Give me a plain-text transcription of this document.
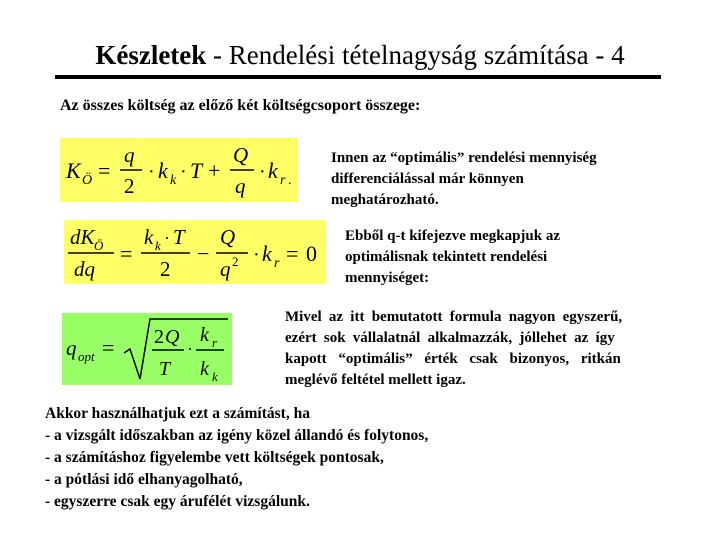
Készletek - Rendelési tételnagyság számítása - 4
Az összes költség az előző két költségcsoport összege:
K Ö =
q
2
· k k · T +
Q
q
· k r .
dK Ö
dq
=
k k · T
2
−
Q
q 2 · k r = 0
q opt = 2 Q
T
·
k r
k k
Innen az “optimális” rendelési mennyiség
differenciálással már könnyen
meghatározható.
Ebből q-t kifejezve megkapjuk az
optimálisnak tekintett rendelési
mennyiséget:
Mivel az itt bemutatott formula nagyon egyszerű,
ezért sok vállalatnál alkalmazzák, jóllehet az így
kapott “optimális” érték csak bizonyos, ritkán
meglévő feltétel mellett igaz.
Akkor használhatjuk ezt a számítást, ha
- a vizsgált időszakban az igény közel állandó és folytonos,
- a számításhoz figyelembe vett költségek pontosak,
- a pótlási idő elhanyagolható,
- egyszerre csak egy árufélét vizsgálunk.
